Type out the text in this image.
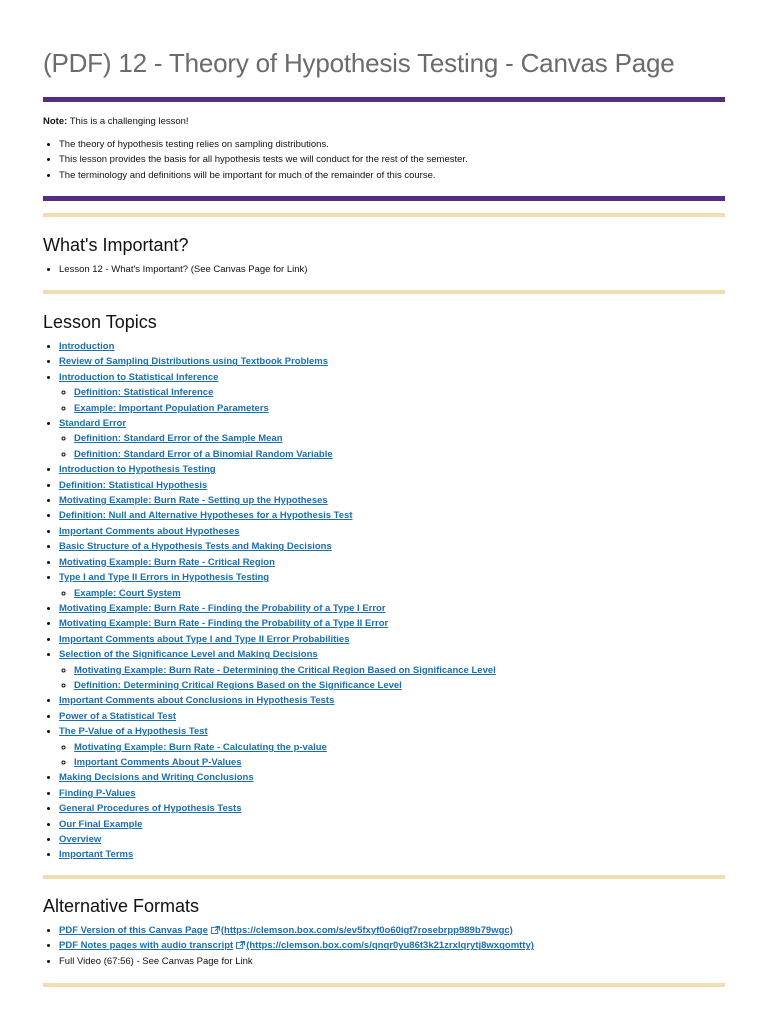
(PDF) 12 - Theory of Hypothesis Testing - Canvas Page

Note: This is a challenging lesson!

• The theory of hypothesis testing relies on sampling distributions.
• This lesson provides the basis for all hypothesis tests we will conduct for the rest of the semester.
• The terminology and definitions will be important for much of the remainder of this course.
What's Important?
• Lesson 12 - What's Important? (See Canvas Page for Link)
Lesson Topics
• Introduction
• Review of Sampling Distributions using Textbook Problems
• Introduction to Statistical Inference
◦ Definition: Statistical Inference
◦ Example: Important Population Parameters
• Standard Error
◦ Definition: Standard Error of the Sample Mean
◦ Definition: Standard Error of a Binomial Random Variable
• Introduction to Hypothesis Testing
• Definition: Statistical Hypothesis
• Motivating Example: Burn Rate - Setting up the Hypotheses
• Definition: Null and Alternative Hypotheses for a Hypothesis Test
• Important Comments about Hypotheses
• Basic Structure of a Hypothesis Tests and Making Decisions
• Motivating Example: Burn Rate - Critical Region
• Type I and Type II Errors in Hypothesis Testing
◦ Example: Court System
• Motivating Example: Burn Rate - Finding the Probability of a Type I Error
• Motivating Example: Burn Rate - Finding the Probability of a Type II Error
• Important Comments about Type I and Type II Error Probabilities
• Selection of the Significance Level and Making Decisions
◦ Motivating Example: Burn Rate - Determining the Critical Region Based on Significance Level
◦ Definition: Determining Critical Regions Based on the Significance Level
• Important Comments about Conclusions in Hypothesis Tests
• Power of a Statistical Test
• The P-Value of a Hypothesis Test
◦ Motivating Example: Burn Rate - Calculating the p-value
◦ Important Comments About P-Values
• Making Decisions and Writing Conclusions
• Finding P-Values
• General Procedures of Hypothesis Tests
• Our Final Example
• Overview
• Important Terms
Alternative Formats
• PDF Version of this Canvas Page (https://clemson.box.com/s/ev5fxyf0o60igf7rosebrpp989b79wgc)
• PDF Notes pages with audio transcript (https://clemson.box.com/s/qnqr0yu86t3k21zrxlqrytj8wxgomtty)
• Full Video (67:56) - See Canvas Page for Link
